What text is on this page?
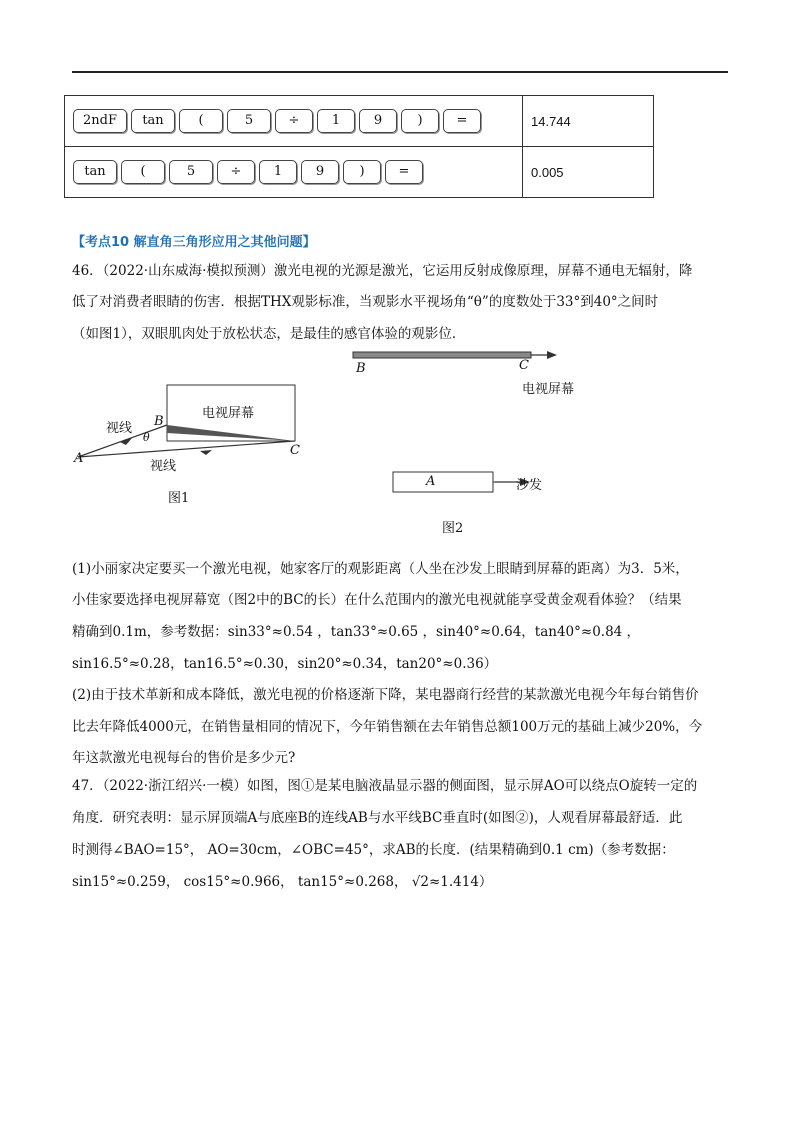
2ndF tan ( 5 ÷ 1 9 ) =	14.744
tan ( 5 ÷ 1 9 ) =	0.005
【考点10 解直角三角形应用之其他问题】
46．（2022·山东威海·模拟预测）激光电视的光源是激光，它运用反射成像原理，屏幕不通电无辐射，降
低了对消费者眼睛的伤害．根据THX观影标准，当观影水平视场角“θ”的度数处于33°到40°之间时
（如图1），双眼肌肉处于放松状态，是最佳的感官体验的观影位．
A
B
C
θ
电视屏幕
视线
视线
图1
B	C
电视屏幕
A	沙发
图2
(1)小丽家决定要买一个激光电视，她家客厅的观影距离（人坐在沙发上眼睛到屏幕的距离）为3．5米，
小佳家要选择电视屏幕宽（图2中的BC的长）在什么范围内的激光电视就能享受黄金观看体验？（结果
精确到0.1m，参考数据：sin33°≈0.54 ，tan33°≈0.65 ，sin40°≈0.64，tan40°≈0.84 ，
sin16.5°≈0.28，tan16.5°≈0.30，sin20°≈0.34，tan20°≈0.36）
(2)由于技术革新和成本降低，激光电视的价格逐渐下降，某电器商行经营的某款激光电视今年每台销售价
比去年降低4000元，在销售量相同的情况下，今年销售额在去年销售总额100万元的基础上减少20%，今
年这款激光电视每台的售价是多少元?
47．（2022·浙江绍兴·一模）如图，图①是某电脑液晶显示器的侧面图，显示屏AO可以绕点O旋转一定的
角度．研究表明：显示屏顶端A与底座B的连线AB与水平线BC垂直时(如图②)，人观看屏幕最舒适．此
时测得∠BAO=15°， AO=30cm，∠OBC=45°，求AB的长度．(结果精确到0.1 cm)（参考数据：
sin15°≈0.259， cos15°≈0.966， tan15°≈0.268， √2≈1.414）
